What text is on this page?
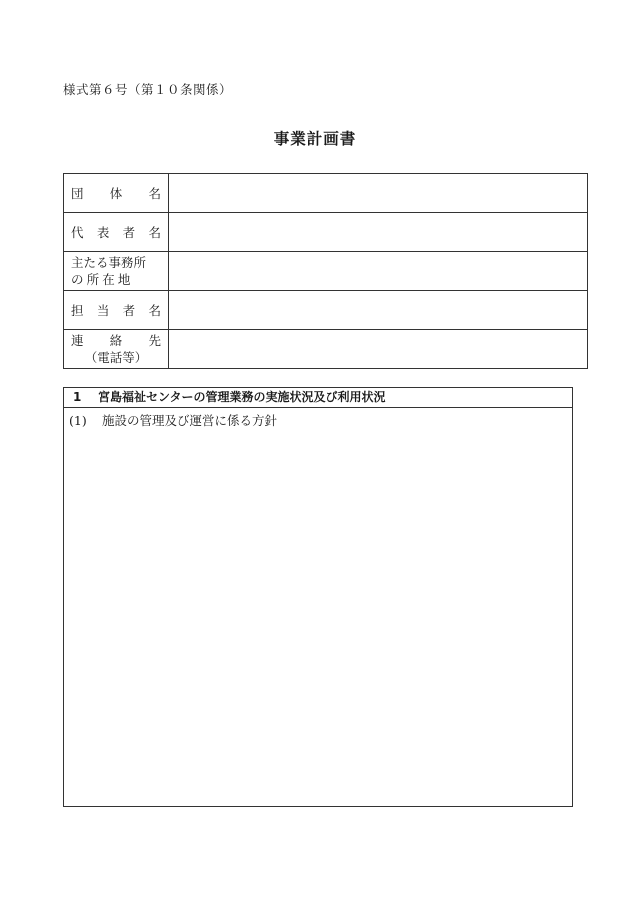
様式第６号（第１０条関係）
事業計画書
団 体 名	

代 表 者 名	

主たる事務所
の 所 在 地	

担 当 者 名	

連 絡 先
（電話等）	

1 宮島福祉センターの管理業務の実施状況及び利用状況
(1) 施設の管理及び運営に係る方針
